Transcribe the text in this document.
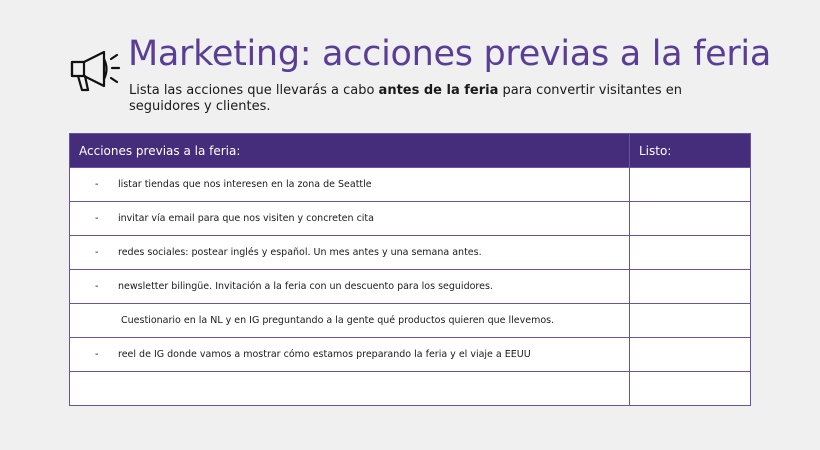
Marketing: acciones previas a la feria
Lista las acciones que llevarás a cabo antes de la feria para convertir visitantes en seguidores y clientes.
Acciones previas a la feria:	Listo:
- listar tiendas que nos interesen en la zona de Seattle	
- invitar vía email para que nos visiten y concreten cita	
- redes sociales: postear inglés y español. Un mes antes y una semana antes.	
- newsletter bilingüe. Invitación a la feria con un descuento para los seguidores.	
Cuestionario en la NL y en IG preguntando a la gente qué productos quieren que llevemos.	
- reel de IG donde vamos a mostrar cómo estamos preparando la feria y el viaje a EEUU	
